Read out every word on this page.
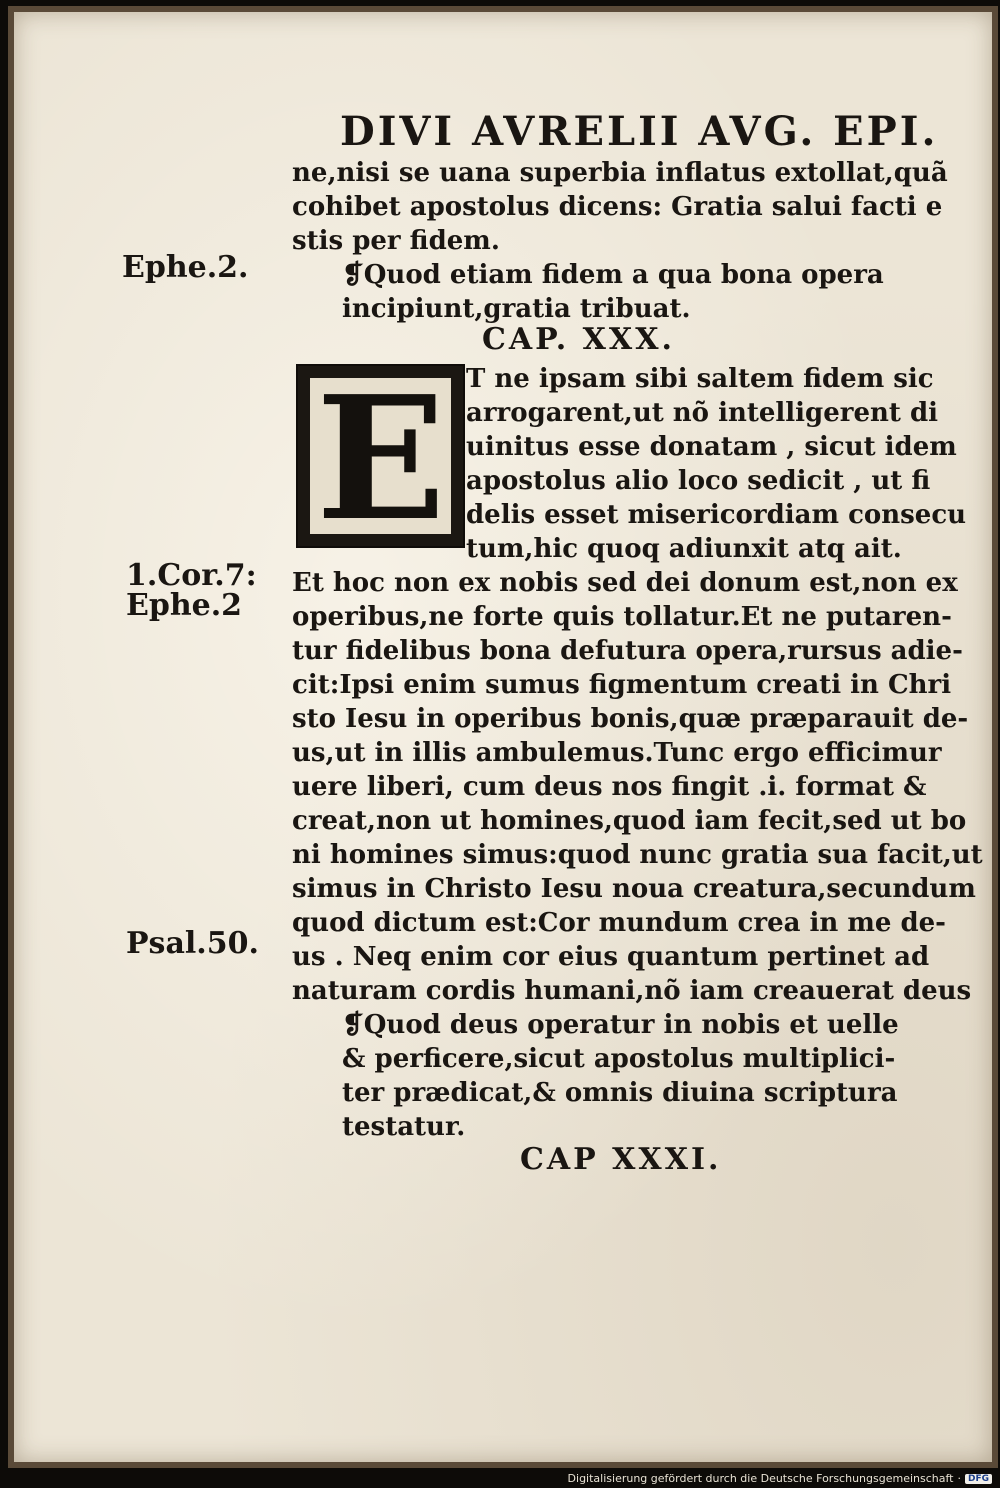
DIVI AVRELII AVG. EPI.
Ephe.2.
1.Cor.7:
Ephe.2
Psal.50.
ne,nisi se uana superbia inflatus extollat,quã
cohibet apostolus dicens: Gratia salui facti e
stis per fidem.
❡Quod etiam fidem a qua bona opera
incipiunt,gratia tribuat.
CAP. XXX.
E T ne ipsam sibi saltem fidem sic
arrogarent,ut nõ intelligerent di
uinitus esse donatam , sicut idem
apostolus alio loco sedicit , ut fi
delis esset misericordiam consecu
tum,hic quoq adiunxit atq ait.
Et hoc non ex nobis sed dei donum est,non ex
operibus,ne forte quis tollatur.Et ne putaren-
tur fidelibus bona defutura opera,rursus adie-
cit:Ipsi enim sumus figmentum creati in Chri
sto Iesu in operibus bonis,quæ præparauit de-
us,ut in illis ambulemus.Tunc ergo efficimur
uere liberi, cum deus nos fingit .i. format &
creat,non ut homines,quod iam fecit,sed ut bo
ni homines simus:quod nunc gratia sua facit,ut
simus in Christo Iesu noua creatura,secundum
quod dictum est:Cor mundum crea in me de-
us . Neq enim cor eius quantum pertinet ad
naturam cordis humani,nõ iam creauerat deus
❡Quod deus operatur in nobis et uelle
& perficere,sicut apostolus multiplici-
ter prædicat,& omnis diuina scriptura
testatur.
CAP XXXI.
Digitalisierung gefördert durch die Deutsche Forschungsgemeinschaft · DFG
